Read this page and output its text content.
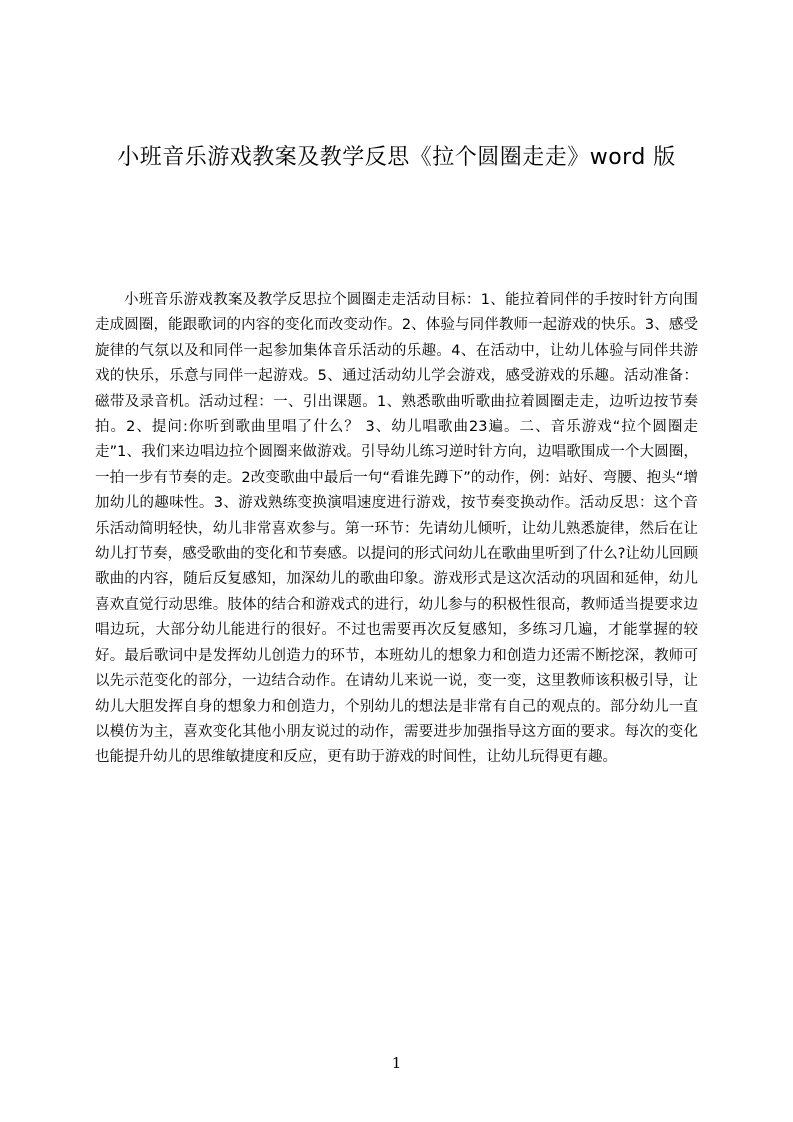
小班音乐游戏教案及教学反思《拉个圆圈走走》word 版

小班音乐游戏教案及教学反思拉个圆圈走走活动目标：1、能拉着同伴的手按时针方向围走成圆圈，能跟歌词的内容的变化而改变动作。2、体验与同伴教师一起游戏的快乐。3、感受旋律的气氛以及和同伴一起参加集体音乐活动的乐趣。4、在活动中，让幼儿体验与同伴共游戏的快乐，乐意与同伴一起游戏。5、通过活动幼儿学会游戏，感受游戏的乐趣。活动准备：磁带及录音机。活动过程：一、引出课题。1、熟悉歌曲听歌曲拉着圆圈走走，边听边按节奏拍。2、提问:你听到歌曲里唱了什么？ 3、幼儿唱歌曲23遍。二、音乐游戏“拉个圆圈走走”1、我们来边唱边拉个圆圈来做游戏。引导幼儿练习逆时针方向，边唱歌围成一个大圆圈，一拍一步有节奏的走。2改变歌曲中最后一句“看谁先蹲下”的动作，例：站好、弯腰、抱头“增加幼儿的趣味性。3、游戏熟练变换演唱速度进行游戏，按节奏变换动作。活动反思：这个音乐活动简明轻快，幼儿非常喜欢参与。第一环节：先请幼儿倾听，让幼儿熟悉旋律，然后在让幼儿打节奏，感受歌曲的变化和节奏感。以提问的形式问幼儿在歌曲里听到了什么?让幼儿回顾歌曲的内容，随后反复感知，加深幼儿的歌曲印象。游戏形式是这次活动的巩固和延伸，幼儿喜欢直觉行动思维。肢体的结合和游戏式的进行，幼儿参与的积极性很高，教师适当提要求边唱边玩，大部分幼儿能进行的很好。不过也需要再次反复感知，多练习几遍，才能掌握的较好。最后歌词中是发挥幼儿创造力的环节，本班幼儿的想象力和创造力还需不断挖深，教师可以先示范变化的部分，一边结合动作。在请幼儿来说一说，变一变，这里教师该积极引导，让幼儿大胆发挥自身的想象力和创造力，个别幼儿的想法是非常有自己的观点的。部分幼儿一直以模仿为主，喜欢变化其他小朋友说过的动作，需要进步加强指导这方面的要求。每次的变化也能提升幼儿的思维敏捷度和反应，更有助于游戏的时间性，让幼儿玩得更有趣。

1
